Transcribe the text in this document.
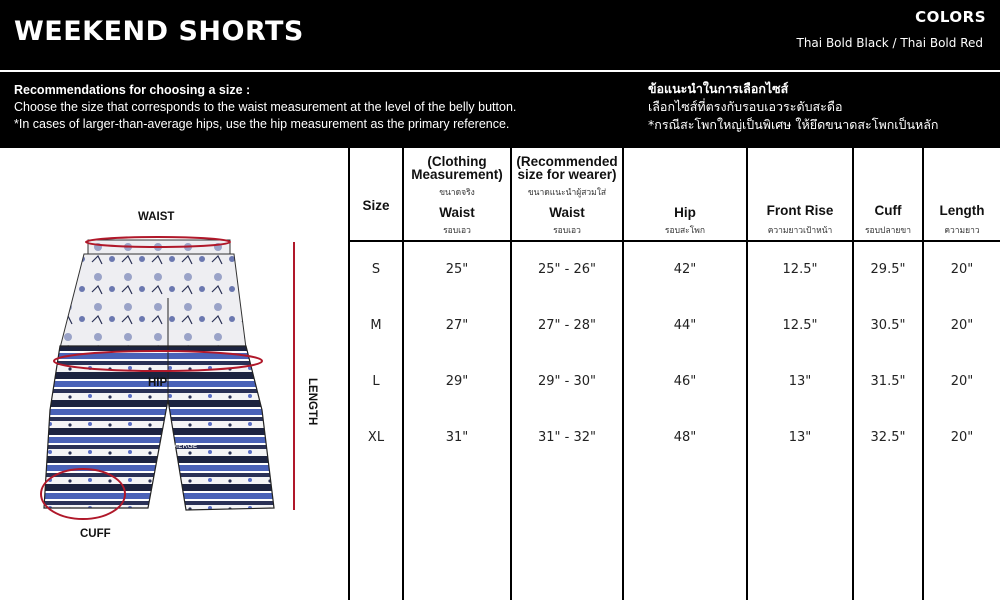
WEEKEND SHORTS	COLORS
Thai Bold Black / Thai Bold Red
Recommendations for choosing a size :
Choose the size that corresponds to the waist measurement at the level of the belly button.
*In cases of larger-than-average hips, use the hip measurement as the primary reference.
ข้อแนะนำในการเลือกไซส์
เลือกไซส์ที่ตรงกับรอบเอวระดับสะดือ
*กรณีสะโพกใหญ่เป็นพิเศษ ให้ยึดขนาดสะโพกเป็นหลัก
MERGE
WAIST
HIP
CUFF
LENGTH
Size
(Clothing Measurement)
ขนาดจริง
Waist
รอบเอว
(Recommended size for wearer)
ขนาดแนะนำผู้สวมใส่
Waist
รอบเอว
Hip
รอบสะโพก
Front Rise
ความยาวเป้าหน้า
Cuff
รอบปลายขา
Length
ความยาว
S	25"	25" - 26"	42"	12.5"	29.5"	20"
M	27"	27" - 28"	44"	12.5"	30.5"	20"
L	29"	29" - 30"	46"	13"	31.5"	20"
XL	31"	31" - 32"	48"	13"	32.5"	20"
